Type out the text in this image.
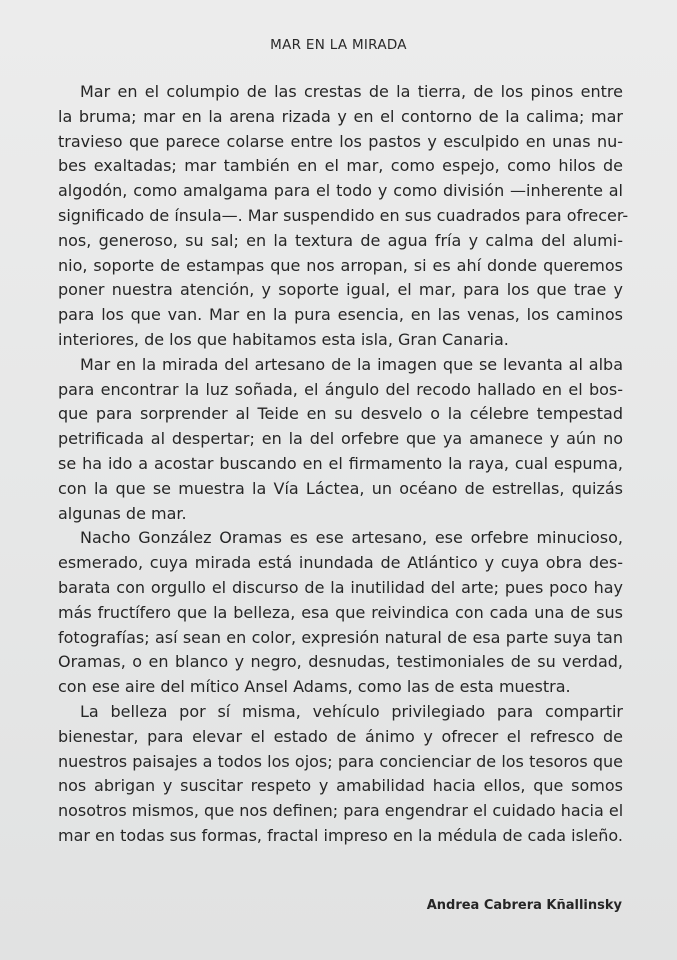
MAR EN LA MIRADA

Mar en el columpio de las crestas de la tierra, de los pinos entre
la bruma; mar en la arena rizada y en el contorno de la calima; mar
travieso que parece colarse entre los pastos y esculpido en unas nu-
bes exaltadas; mar también en el mar, como espejo, como hilos de
algodón, como amalgama para el todo y como división —inherente al
significado de ínsula—. Mar suspendido en sus cuadrados para ofrecer-
nos, generoso, su sal; en la textura de agua fría y calma del alumi-
nio, soporte de estampas que nos arropan, si es ahí donde queremos
poner nuestra atención, y soporte igual, el mar, para los que trae y
para los que van. Mar en la pura esencia, en las venas, los caminos
interiores, de los que habitamos esta isla, Gran Canaria.

Mar en la mirada del artesano de la imagen que se levanta al alba
para encontrar la luz soñada, el ángulo del recodo hallado en el bos-
que para sorprender al Teide en su desvelo o la célebre tempestad
petrificada al despertar; en la del orfebre que ya amanece y aún no
se ha ido a acostar buscando en el firmamento la raya, cual espuma,
con la que se muestra la Vía Láctea, un océano de estrellas, quizás
algunas de mar.

Nacho González Oramas es ese artesano, ese orfebre minucioso,
esmerado, cuya mirada está inundada de Atlántico y cuya obra des-
barata con orgullo el discurso de la inutilidad del arte; pues poco hay
más fructífero que la belleza, esa que reivindica con cada una de sus
fotografías; así sean en color, expresión natural de esa parte suya tan
Oramas, o en blanco y negro, desnudas, testimoniales de su verdad,
con ese aire del mítico Ansel Adams, como las de esta muestra.

La belleza por sí misma, vehículo privilegiado para compartir
bienestar, para elevar el estado de ánimo y ofrecer el refresco de
nuestros paisajes a todos los ojos; para concienciar de los tesoros que
nos abrigan y suscitar respeto y amabilidad hacia ellos, que somos
nosotros mismos, que nos definen; para engendrar el cuidado hacia el
mar en todas sus formas, fractal impreso en la médula de cada isleño.

Andrea Cabrera Kñallinsky
